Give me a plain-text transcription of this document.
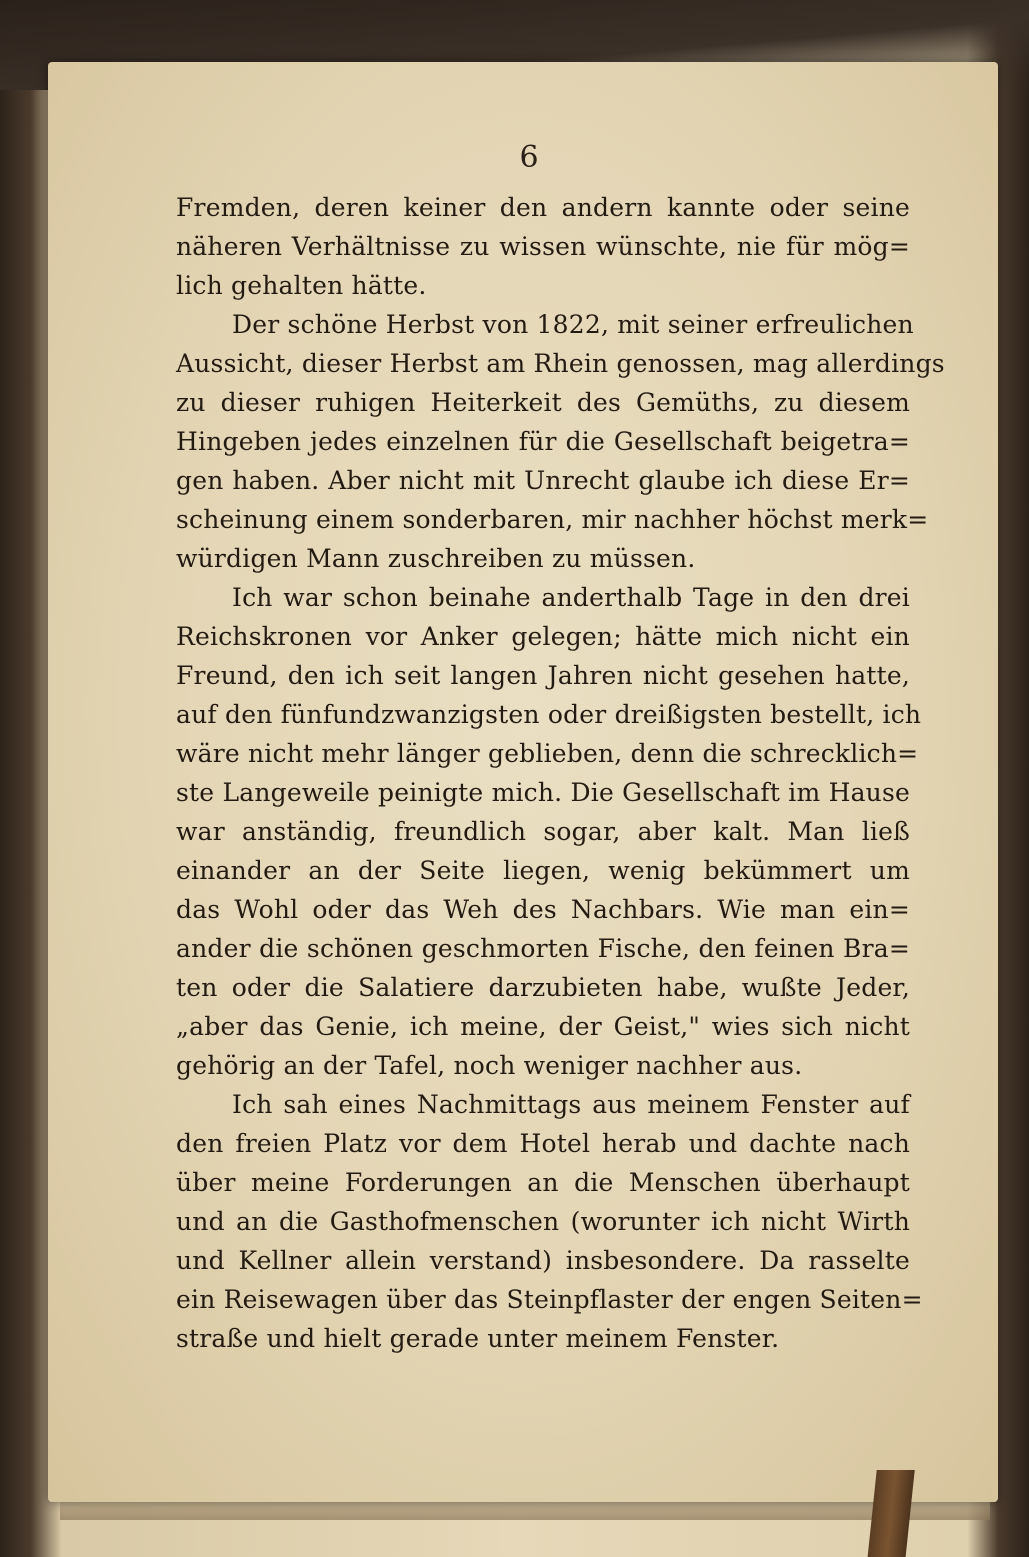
6
Fremden, deren keiner den andern kannte oder seine
näheren Verhältnisse zu wissen wünschte, nie für mög=
lich gehalten hätte.
Der schöne Herbst von 1822, mit seiner erfreulichen
Aussicht, dieser Herbst am Rhein genossen, mag allerdings
zu dieser ruhigen Heiterkeit des Gemüths, zu diesem
Hingeben jedes einzelnen für die Gesellschaft beigetra=
gen haben. Aber nicht mit Unrecht glaube ich diese Er=
scheinung einem sonderbaren, mir nachher höchst merk=
würdigen Mann zuschreiben zu müssen.
Ich war schon beinahe anderthalb Tage in den drei
Reichskronen vor Anker gelegen; hätte mich nicht ein
Freund, den ich seit langen Jahren nicht gesehen hatte,
auf den fünfundzwanzigsten oder dreißigsten bestellt, ich
wäre nicht mehr länger geblieben, denn die schrecklich=
ste Langeweile peinigte mich. Die Gesellschaft im Hause
war anständig, freundlich sogar, aber kalt. Man ließ
einander an der Seite liegen, wenig bekümmert um
das Wohl oder das Weh des Nachbars. Wie man ein=
ander die schönen geschmorten Fische, den feinen Bra=
ten oder die Salatiere darzubieten habe, wußte Jeder,
„aber das Genie, ich meine, der Geist," wies sich nicht
gehörig an der Tafel, noch weniger nachher aus.
Ich sah eines Nachmittags aus meinem Fenster auf
den freien Platz vor dem Hotel herab und dachte nach
über meine Forderungen an die Menschen überhaupt
und an die Gasthofmenschen (worunter ich nicht Wirth
und Kellner allein verstand) insbesondere. Da rasselte
ein Reisewagen über das Steinpflaster der engen Seiten=
straße und hielt gerade unter meinem Fenster.
